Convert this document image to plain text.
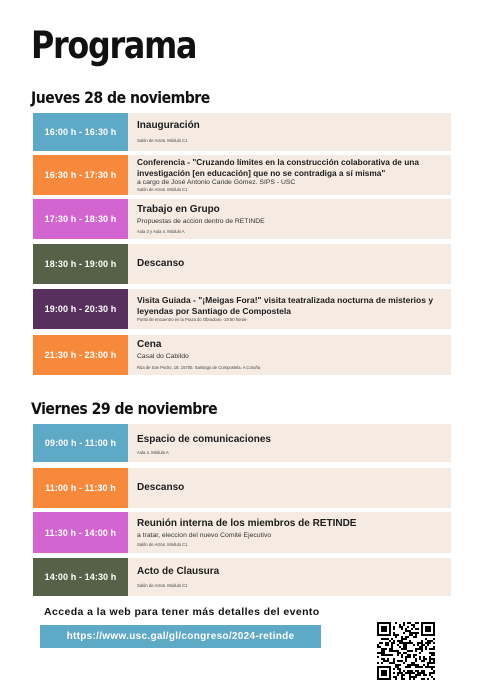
Programa
Jueves 28 de noviembre
16:00 h - 16:30 h
Inauguración
Salón de Actos. Módulo C1
16:30 h - 17:30 h
Conferencia - "Cruzando límites en la construcción colaborativa de una investigación [en educación] que no se contradiga a sí misma"
a cargo de José Antonio Caride Gómez. SIPS - USC
Salón de Actos. Módulo C1
17:30 h - 18:30 h
Trabajo en Grupo
Propuestas de acción dentro de RETINDE
Aula 3 y Aula 4. Módulo A
18:30 h - 19:00 h	Descanso
19:00 h - 20:30 h
Visita Guiada - "¡Meigas Fora!" visita teatralizada nocturna de misterios y leyendas por Santiago de Compostela
Punto de encuentro en la Praza do Obradoiro -19:50 horas-
21:30 h - 23:00 h
Cena
Casal do Cabildo
Rúa de San Pedro, 18. 15705. Santiago de Compostela. A Coruña
Viernes 29 de noviembre
09:00 h - 11:00 h	Espacio de comunicaciones
Aula 4. Módulo A
11:00 h - 11:30 h	Descanso
11:30 h - 14:00 h
Reunión interna de los miembros de RETINDE
a tratar, eleccion del nuevo Comité Ejecutivo
Salón de Actos. Módulo C1
14:00 h - 14:30 h
Acto de Clausura
Salón de Actos. Módulo C1
Acceda a la web para tener más detalles del evento
https://www.usc.gal/gl/congreso/2024-retinde
